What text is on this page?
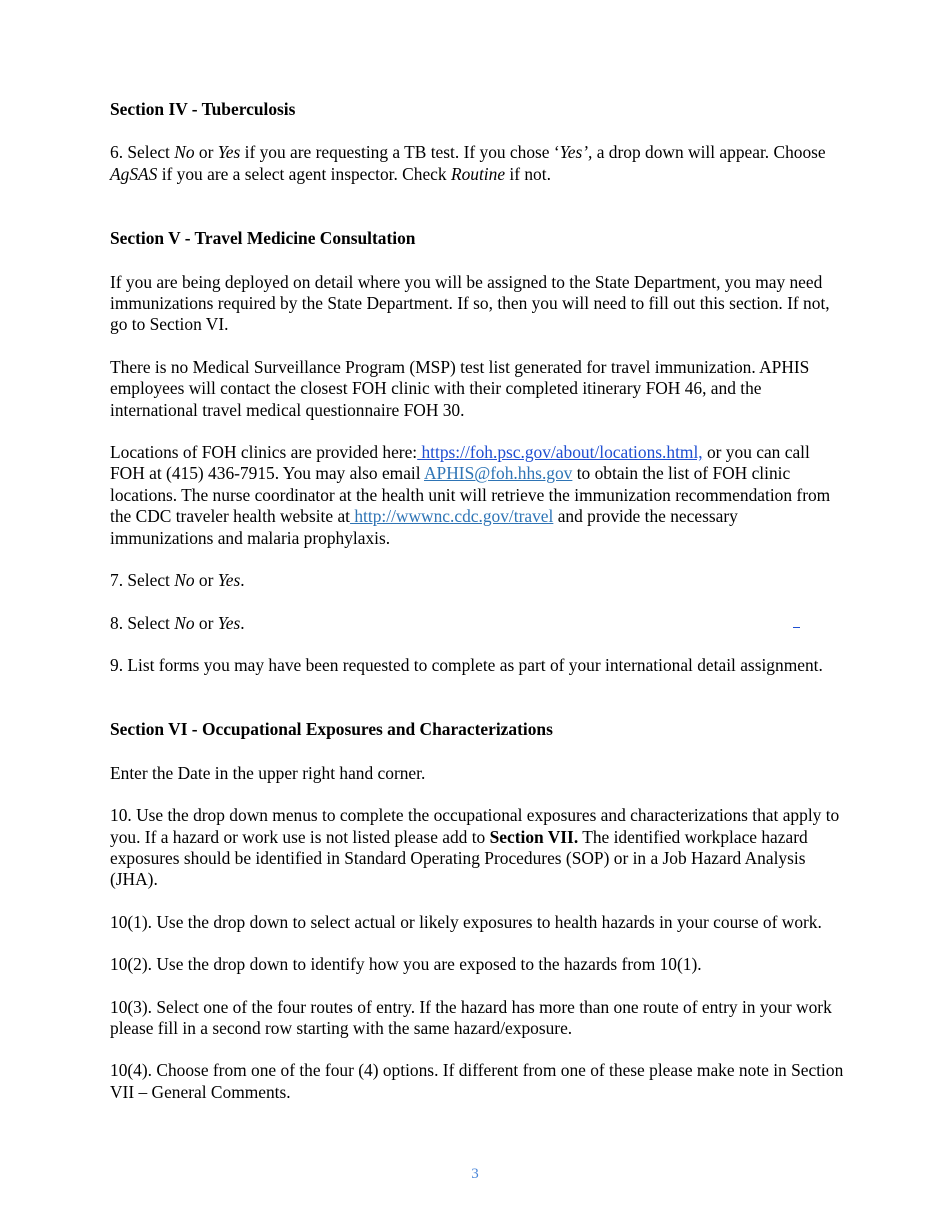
Section IV - Tuberculosis

6. Select No or Yes if you are requesting a TB test. If you chose ‘Yes’, a drop down will appear. Choose AgSAS if you are a select agent inspector. Check Routine if not.

Section V - Travel Medicine Consultation

If you are being deployed on detail where you will be assigned to the State Department, you may need immunizations required by the State Department. If so, then you will need to fill out this section. If not, go to Section VI.

There is no Medical Surveillance Program (MSP) test list generated for travel immunization. APHIS employees will contact the closest FOH clinic with their completed itinerary FOH 46, and the international travel medical questionnaire FOH 30.

Locations of FOH clinics are provided here: https://foh.psc.gov/about/locations.html, or you can call FOH at (415) 436-7915. You may also email APHIS@foh.hhs.gov to obtain the list of FOH clinic locations. The nurse coordinator at the health unit will retrieve the immunization recommendation from the CDC traveler health website at http://wwwnc.cdc.gov/travel and provide the necessary immunizations and malaria prophylaxis.

7. Select No or Yes.

8. Select No or Yes.

9. List forms you may have been requested to complete as part of your international detail assignment.

Section VI - Occupational Exposures and Characterizations

Enter the Date in the upper right hand corner.

10. Use the drop down menus to complete the occupational exposures and characterizations that apply to you. If a hazard or work use is not listed please add to Section VII. The identified workplace hazard exposures should be identified in Standard Operating Procedures (SOP) or in a Job Hazard Analysis (JHA).

10(1). Use the drop down to select actual or likely exposures to health hazards in your course of work.

10(2). Use the drop down to identify how you are exposed to the hazards from 10(1).

10(3). Select one of the four routes of entry. If the hazard has more than one route of entry in your work please fill in a second row starting with the same hazard/exposure.

10(4). Choose from one of the four (4) options. If different from one of these please make note in Section VII – General Comments.

3
